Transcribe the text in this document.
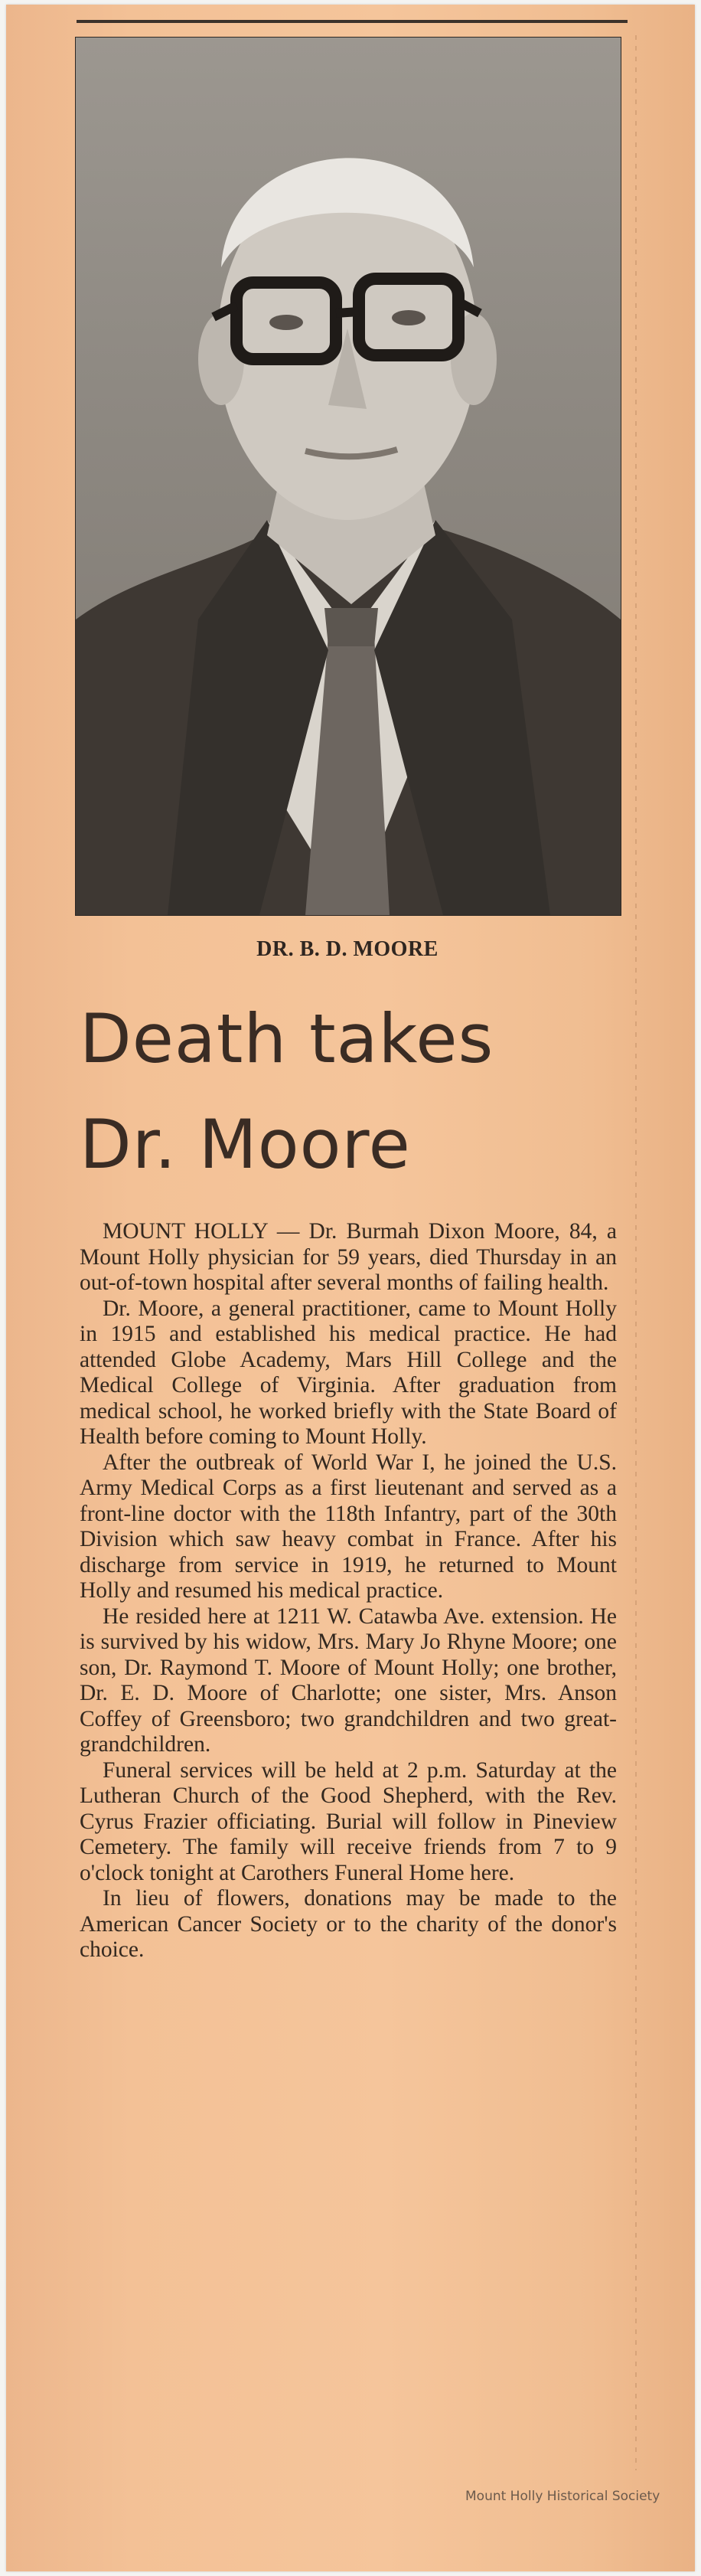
DR. B. D. MOORE
Death takes
Dr. Moore

MOUNT HOLLY — Dr. Burmah Dixon Moore, 84, a Mount Holly physician for 59 years, died Thursday in an out-of-town hospital after several months of failing health.

Dr. Moore, a general practitioner, came to Mount Holly in 1915 and established his medical practice. He had attended Globe Academy, Mars Hill College and the Medical College of Virginia. After graduation from medical school, he worked briefly with the State Board of Health before coming to Mount Holly.

After the outbreak of World War I, he joined the U.S. Army Medical Corps as a first lieutenant and served as a front-line doctor with the 118th Infantry, part of the 30th Division which saw heavy combat in France. After his discharge from service in 1919, he returned to Mount Holly and resumed his medical practice.

He resided here at 1211 W. Catawba Ave. extension. He is survived by his widow, Mrs. Mary Jo Rhyne Moore; one son, Dr. Raymond T. Moore of Mount Holly; one brother, Dr. E. D. Moore of Charlotte; one sister, Mrs. Anson Coffey of Greensboro; two grandchildren and two great-grandchildren.

Funeral services will be held at 2 p.m. Saturday at the Lutheran Church of the Good Shepherd, with the Rev. Cyrus Frazier officiating. Burial will follow in Pineview Cemetery. The family will receive friends from 7 to 9 o'clock tonight at Carothers Funeral Home here.

In lieu of flowers, donations may be made to the American Cancer Society or to the charity of the donor's choice.

Mount Holly Historical Society
